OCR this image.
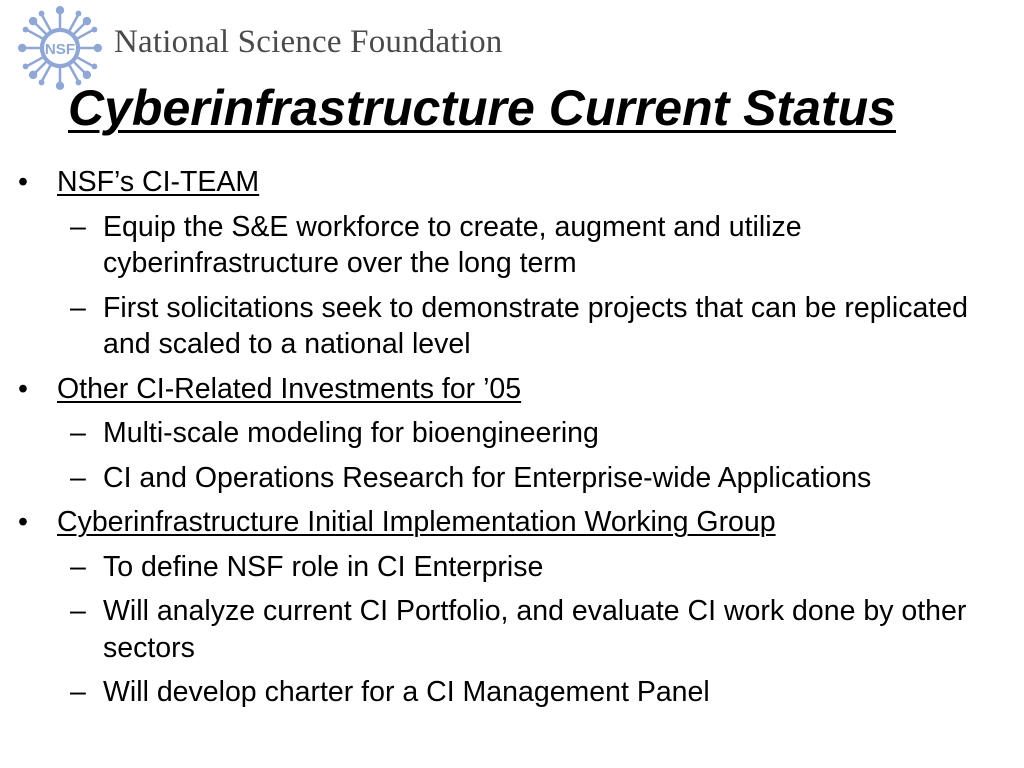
NSF National Science Foundation
Cyberinfrastructure Current Status
• NSF’s CI-TEAM
– Equip the S&E workforce to create, augment and utilize cyberinfrastructure over the long term
– First solicitations seek to demonstrate projects that can be replicated and scaled to a national level
• Other CI-Related Investments for ’05
– Multi-scale modeling for bioengineering
– CI and Operations Research for Enterprise-wide Applications
• Cyberinfrastructure Initial Implementation Working Group
– To define NSF role in CI Enterprise
– Will analyze current CI Portfolio, and evaluate CI work done by other sectors
– Will develop charter for a CI Management Panel
